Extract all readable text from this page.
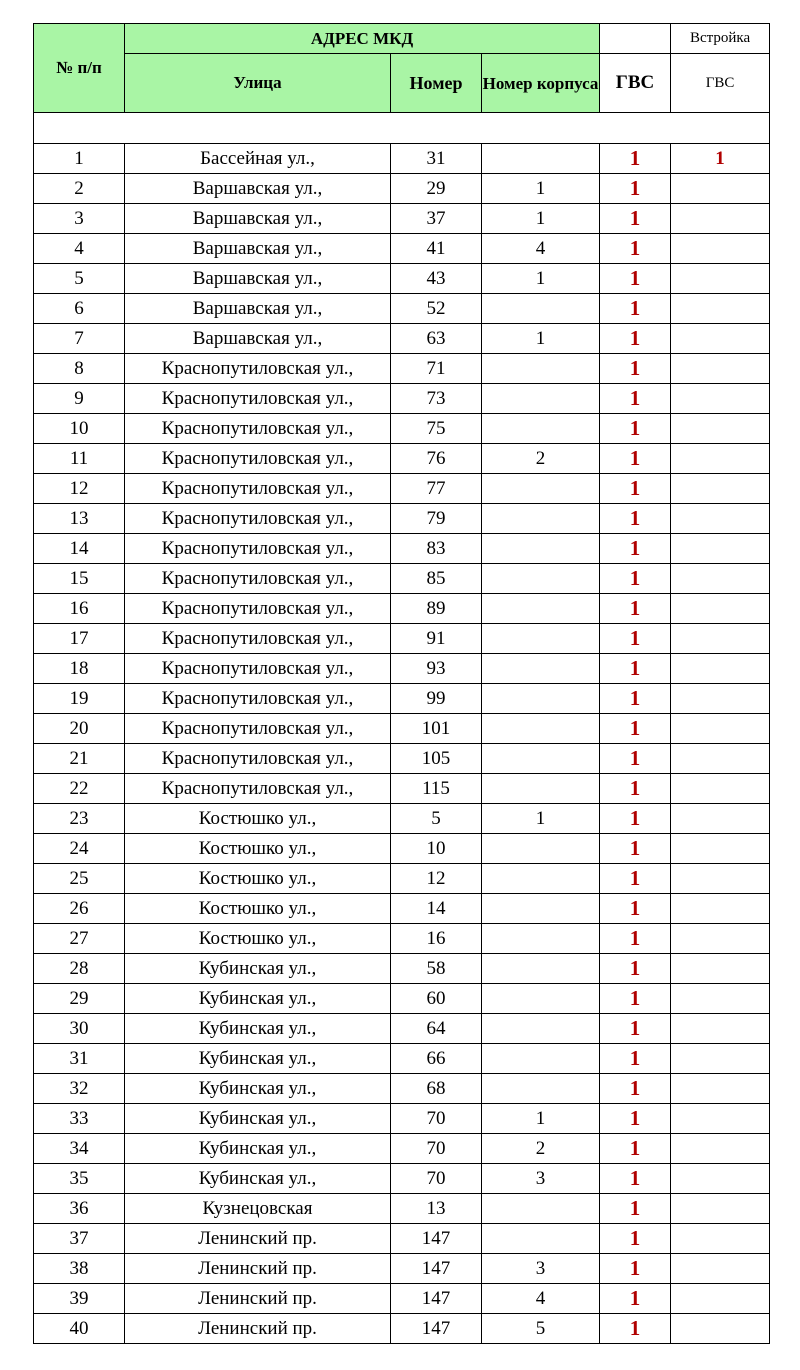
№ п/п	АДРЕС МКД				Встройка
	Улица	Номер	Номер корпуса	ГВС	ГВС

1	Бассейная ул.,	31		1	1
2	Варшавская ул.,	29	1	1	
3	Варшавская ул.,	37	1	1	
4	Варшавская ул.,	41	4	1	
5	Варшавская ул.,	43	1	1	
6	Варшавская ул.,	52		1	
7	Варшавская ул.,	63	1	1	
8	Краснопутиловская ул.,	71		1	
9	Краснопутиловская ул.,	73		1	
10	Краснопутиловская ул.,	75		1	
11	Краснопутиловская ул.,	76	2	1	
12	Краснопутиловская ул.,	77		1	
13	Краснопутиловская ул.,	79		1	
14	Краснопутиловская ул.,	83		1	
15	Краснопутиловская ул.,	85		1	
16	Краснопутиловская ул.,	89		1	
17	Краснопутиловская ул.,	91		1	
18	Краснопутиловская ул.,	93		1	
19	Краснопутиловская ул.,	99		1	
20	Краснопутиловская ул.,	101		1	
21	Краснопутиловская ул.,	105		1	
22	Краснопутиловская ул.,	115		1	
23	Костюшко ул.,	5	1	1	
24	Костюшко ул.,	10		1	
25	Костюшко ул.,	12		1	
26	Костюшко ул.,	14		1	
27	Костюшко ул.,	16		1	
28	Кубинская ул.,	58		1	
29	Кубинская ул.,	60		1	
30	Кубинская ул.,	64		1	
31	Кубинская ул.,	66		1	
32	Кубинская ул.,	68		1	
33	Кубинская ул.,	70	1	1	
34	Кубинская ул.,	70	2	1	
35	Кубинская ул.,	70	3	1	
36	Кузнецовская	13		1	
37	Ленинский пр.	147		1	
38	Ленинский пр.	147	3	1	
39	Ленинский пр.	147	4	1	
40	Ленинский пр.	147	5	1	
